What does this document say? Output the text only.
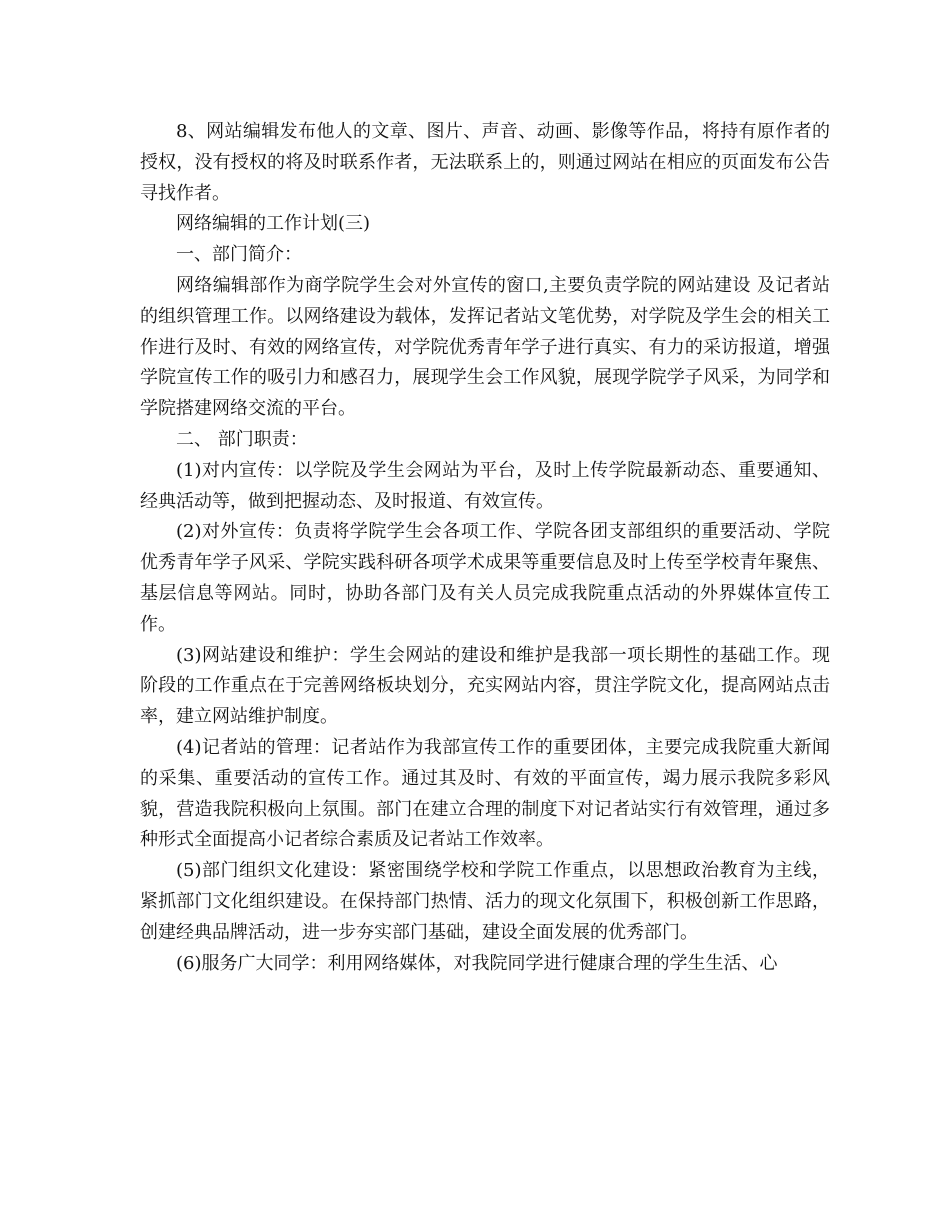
8、网站编辑发布他人的文章、图片、声音、动画、影像等作品，将持有原作者的授权，没有授权的将及时联系作者，无法联系上的，则通过网站在相应的页面发布公告 寻找作者。

网络编辑的工作计划(三)

一、部门简介：

网络编辑部作为商学院学生会对外宣传的窗口,主要负责学院的网站建设 及记者站的组织管理工作。以网络建设为载体，发挥记者站文笔优势，对学院及学生会的相关工作进行及时、有效的网络宣传，对学院优秀青年学子进行真实、有力的采访报道，增强学院宣传工作的吸引力和感召力，展现学生会工作风貌，展现学院学子风采，为同学和学院搭建网络交流的平台。

二、 部门职责：

(1)对内宣传：以学院及学生会网站为平台，及时上传学院最新动态、重要通知、经典活动等，做到把握动态、及时报道、有效宣传。

(2)对外宣传：负责将学院学生会各项工作、学院各团支部组织的重要活动、学院优秀青年学子风采、学院实践科研各项学术成果等重要信息及时上传至学校青年聚焦、基层信息等网站。同时，协助各部门及有关人员完成我院重点活动的外界媒体宣传工作。

(3)网站建设和维护：学生会网站的建设和维护是我部一项长期性的基础工作。现阶段的工作重点在于完善网络板块划分，充实网站内容，贯注学院文化，提高网站点击率，建立网站维护制度。

(4)记者站的管理：记者站作为我部宣传工作的重要团体，主要完成我院重大新闻的采集、重要活动的宣传工作。通过其及时、有效的平面宣传，竭力展示我院多彩风貌，营造我院积极向上氛围。部门在建立合理的制度下对记者站实行有效管理，通过多种形式全面提高小记者综合素质及记者站工作效率。

(5)部门组织文化建设：紧密围绕学校和学院工作重点，以思想政治教育为主线，紧抓部门文化组织建设。在保持部门热情、活力的现文化氛围下，积极创新工作思路，创建经典品牌活动，进一步夯实部门基础，建设全面发展的优秀部门。

(6)服务广大同学：利用网络媒体，对我院同学进行健康合理的学生生活、心
